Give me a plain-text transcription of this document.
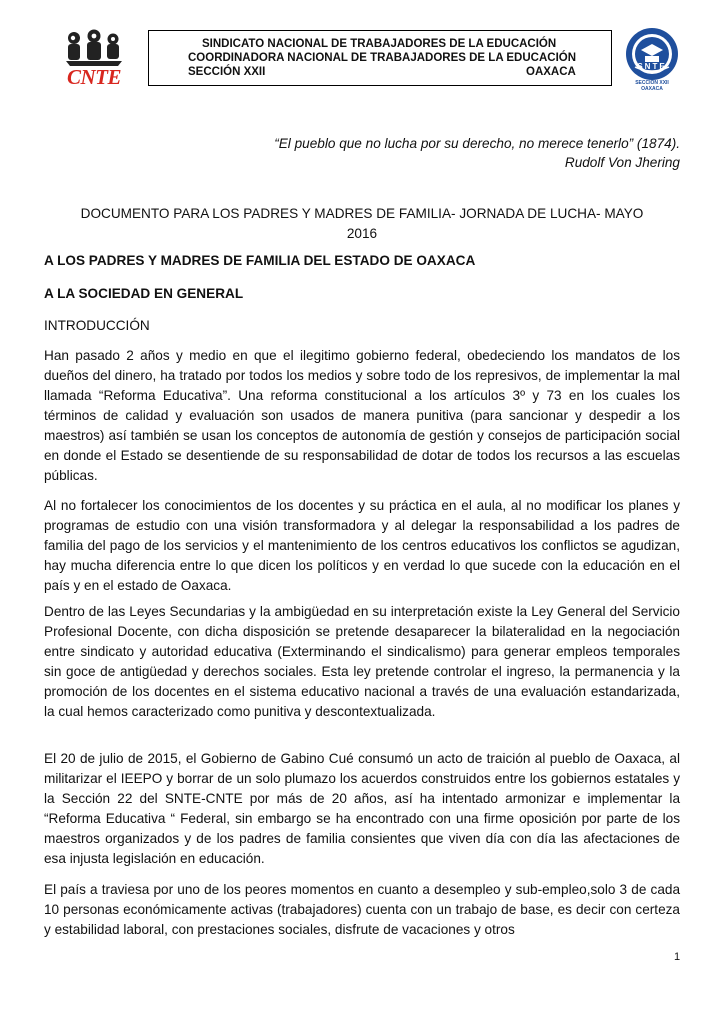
CNTE
SINDICATO NACIONAL DE TRABAJADORES DE LA EDUCACIÓN
COORDINADORA NACIONAL DE TRABAJADORES DE LA EDUCACIÓN
SECCIÓN XXII	OAXACA	SNTE
SECCION XXII
OAXACA
“El pueblo que no lucha por su derecho, no merece tenerlo” (1874).
Rudolf Von Jhering
DOCUMENTO PARA LOS PADRES Y MADRES DE FAMILIA- JORNADA DE LUCHA- MAYO
2016
A LOS PADRES Y MADRES DE FAMILIA DEL ESTADO DE OAXACA
A LA SOCIEDAD EN GENERAL
INTRODUCCIÓN
Han pasado 2 años y medio en que el ilegitimo gobierno federal, obedeciendo los mandatos de los dueños del dinero, ha tratado por todos los medios y sobre todo de los represivos, de implementar la mal llamada “Reforma Educativa”. Una reforma constitucional a los artículos 3º y 73 en los cuales los términos de calidad y evaluación son usados de manera punitiva (para sancionar y despedir a los maestros) así también se usan los conceptos de autonomía de gestión y consejos de participación social en donde el Estado se desentiende de su responsabilidad de dotar de todos los recursos a las escuelas públicas.
Al no fortalecer los conocimientos de los docentes y su práctica en el aula, al no modificar los planes y programas de estudio con una visión transformadora y al delegar la responsabilidad a los padres de familia del pago de los servicios y el mantenimiento de los centros educativos los conflictos se agudizan, hay mucha diferencia entre lo que dicen los políticos y en verdad lo que sucede con la educación en el país y en el estado de Oaxaca.
Dentro de las Leyes Secundarias y la ambigüedad en su interpretación existe la Ley General del Servicio Profesional Docente, con dicha disposición se pretende desaparecer la bilateralidad en la negociación entre sindicato y autoridad educativa (Exterminando el sindicalismo) para generar empleos temporales sin goce de antigüedad y derechos sociales. Esta ley pretende controlar el ingreso, la permanencia y la promoción de los docentes en el sistema educativo nacional a través de una evaluación estandarizada, la cual hemos caracterizado como punitiva y descontextualizada.
El 20 de julio de 2015, el Gobierno de Gabino Cué consumó un acto de traición al pueblo de Oaxaca, al militarizar el IEEPO y borrar de un solo plumazo los acuerdos construidos entre los gobiernos estatales y la Sección 22 del SNTE-CNTE por más de 20 años, así ha intentado armonizar e implementar la “Reforma Educativa “ Federal, sin embargo se ha encontrado con una firme oposición por parte de los maestros organizados y de los padres de familia consientes que viven día con día las afectaciones de esa injusta legislación en educación.
El país a traviesa por uno de los peores momentos en cuanto a desempleo y sub-empleo,solo 3 de cada 10 personas económicamente activas (trabajadores) cuenta con un trabajo de base, es decir con certeza y estabilidad laboral, con prestaciones sociales, disfrute de vacaciones y otros
1
